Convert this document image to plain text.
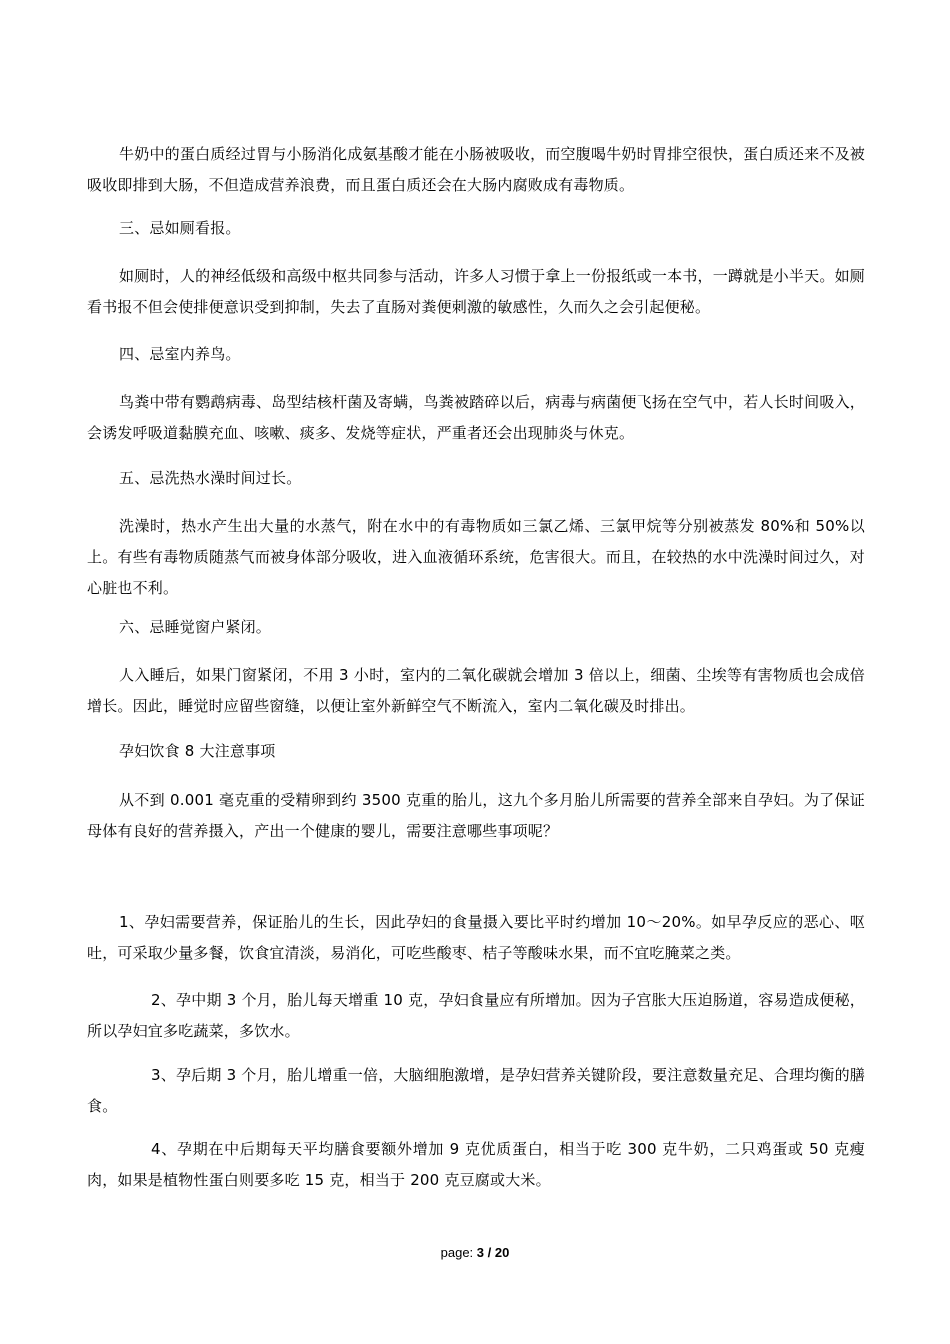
牛奶中的蛋白质经过胃与小肠消化成氨基酸才能在小肠被吸收，而空腹喝牛奶时胃排空很快，蛋白质还来不及被吸收即排到大肠，不但造成营养浪费，而且蛋白质还会在大肠内腐败成有毒物质。

三、忌如厕看报。

如厕时，人的神经低级和高级中枢共同参与活动，许多人习惯于拿上一份报纸或一本书，一蹲就是小半天。如厕看书报不但会使排便意识受到抑制，失去了直肠对粪便刺激的敏感性，久而久之会引起便秘。

四、忌室内养鸟。

鸟粪中带有鹦鹉病毒、岛型结核杆菌及寄螨，鸟粪被踏碎以后，病毒与病菌便飞扬在空气中，若人长时间吸入，会诱发呼吸道黏膜充血、咳嗽、痰多、发烧等症状，严重者还会出现肺炎与休克。

五、忌洗热水澡时间过长。

洗澡时，热水产生出大量的水蒸气，附在水中的有毒物质如三氯乙烯、三氯甲烷等分别被蒸发 80%和 50%以上。有些有毒物质随蒸气而被身体部分吸收，进入血液循环系统，危害很大。而且，在较热的水中洗澡时间过久，对心脏也不利。

六、忌睡觉窗户紧闭。

人入睡后，如果门窗紧闭，不用 3 小时，室内的二氧化碳就会增加 3 倍以上，细菌、尘埃等有害物质也会成倍增长。因此，睡觉时应留些窗缝，以便让室外新鲜空气不断流入，室内二氧化碳及时排出。

孕妇饮食 8 大注意事项

从不到 0.001 毫克重的受精卵到约 3500 克重的胎儿，这九个多月胎儿所需要的营养全部来自孕妇。为了保证母体有良好的营养摄入，产出一个健康的婴儿，需要注意哪些事项呢？

1、孕妇需要营养，保证胎儿的生长，因此孕妇的食量摄入要比平时约增加 10～20%。如早孕反应的恶心、呕吐，可采取少量多餐，饮食宜清淡，易消化，可吃些酸枣、桔子等酸味水果，而不宜吃腌菜之类。

2、孕中期 3 个月，胎儿每天增重 10 克，孕妇食量应有所增加。因为子宫胀大压迫肠道，容易造成便秘，所以孕妇宜多吃蔬菜，多饮水。

3、孕后期 3 个月，胎儿增重一倍，大脑细胞激增，是孕妇营养关键阶段，要注意数量充足、合理均衡的膳食。

4、孕期在中后期每天平均膳食要额外增加 9 克优质蛋白，相当于吃 300 克牛奶，二只鸡蛋或 50 克瘦肉，如果是植物性蛋白则要多吃 15 克，相当于 200 克豆腐或大米。

page: 3 / 20
